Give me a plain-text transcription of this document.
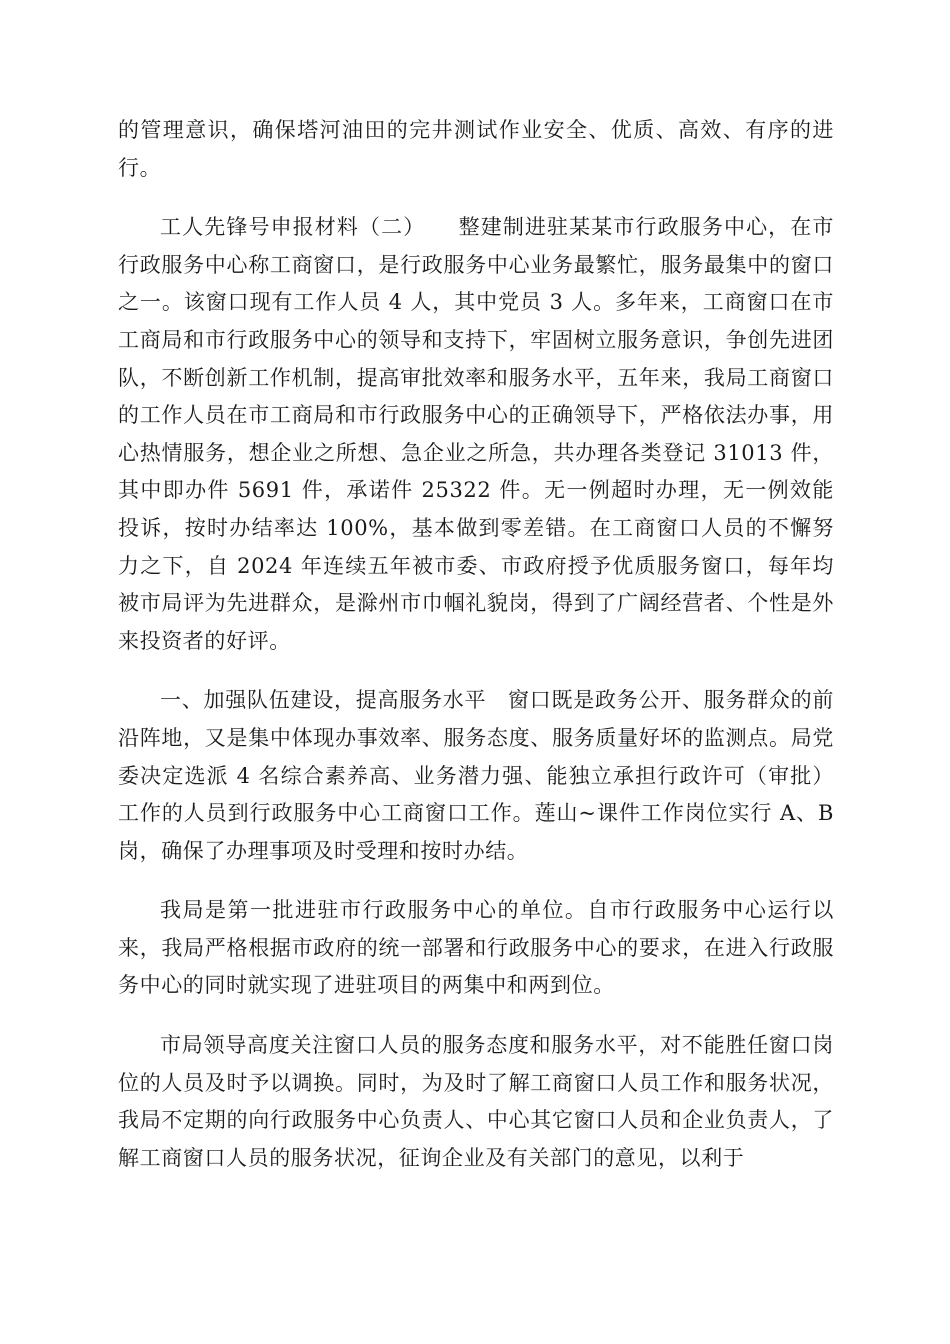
的管理意识，确保塔河油田的完井测试作业安全、优质、高效、有序的进行。

工人先锋号申报材料（二）   整建制进驻某某市行政服务中心，在市行政服务中心称工商窗口，是行政服务中心业务最繁忙，服务最集中的窗口之一。该窗口现有工作人员 4 人，其中党员 3 人。多年来，工商窗口在市工商局和市行政服务中心的领导和支持下，牢固树立服务意识，争创先进团队，不断创新工作机制，提高审批效率和服务水平，五年来，我局工商窗口的工作人员在市工商局和市行政服务中心的正确领导下，严格依法办事，用心热情服务，想企业之所想、急企业之所急，共办理各类登记 31013 件，其中即办件 5691 件，承诺件 25322 件。无一例超时办理，无一例效能投诉，按时办结率达 100%，基本做到零差错。在工商窗口人员的不懈努力之下，自 2024 年连续五年被市委、市政府授予优质服务窗口，每年均被市局评为先进群众，是滁州市巾帼礼貌岗，得到了广阔经营者、个性是外来投资者的好评。

一、加强队伍建设，提高服务水平  窗口既是政务公开、服务群众的前沿阵地，又是集中体现办事效率、服务态度、服务质量好坏的监测点。局党委决定选派 4 名综合素养高、业务潜力强、能独立承担行政许可（审批）工作的人员到行政服务中心工商窗口工作。莲山~课件工作岗位实行 A、B 岗，确保了办理事项及时受理和按时办结。

我局是第一批进驻市行政服务中心的单位。自市行政服务中心运行以来，我局严格根据市政府的统一部署和行政服务中心的要求，在进入行政服务中心的同时就实现了进驻项目的两集中和两到位。

市局领导高度关注窗口人员的服务态度和服务水平，对不能胜任窗口岗位的人员及时予以调换。同时，为及时了解工商窗口人员工作和服务状况，我局不定期的向行政服务中心负责人、中心其它窗口人员和企业负责人，了解工商窗口人员的服务状况，征询企业及有关部门的意见，以利于
